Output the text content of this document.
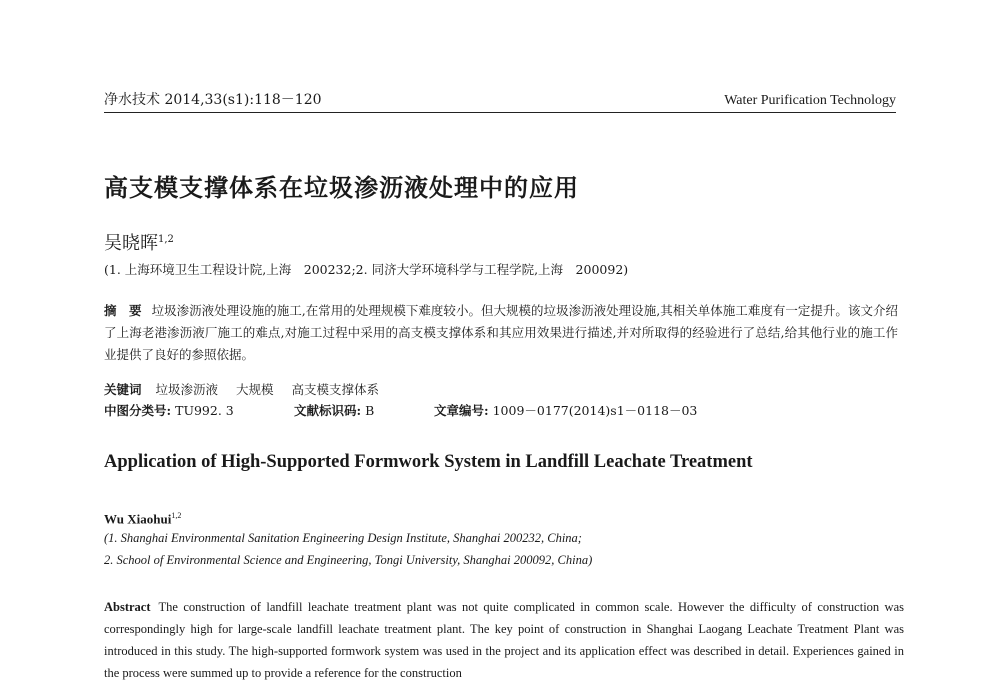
净水技术 2014,33(s1):118－120	Water Purification Technology
高支模支撑体系在垃圾渗沥液处理中的应用
吴晓晖$^{1,2}$
(1. 上海环境卫生工程设计院,上海　200232;2. 同济大学环境科学与工程学院,上海　200092)
摘　要 垃圾渗沥液处理设施的施工,在常用的处理规模下难度较小。但大规模的垃圾渗沥液处理设施,其相关单体施工难度有一定提升。该文介绍了上海老港渗沥液厂施工的难点,对施工过程中采用的高支模支撑体系和其应用效果进行描述,并对所取得的经验进行了总结,给其他行业的施工作业提供了良好的参照依据。
关键词 垃圾渗沥液 大规模 高支模支撑体系
中图分类号: TU992. 3	文献标识码: B	文章编号: 1009－0177(2014)s1－0118－03
Application of High-Supported Formwork System in Landfill Leachate Treatment
Wu Xiaohui$^{1,2}$
(1. Shanghai Environmental Sanitation Engineering Design Institute, Shanghai 200232, China;
2. School of Environmental Science and Engineering, Tongi University, Shanghai 200092, China)
Abstract The construction of landfill leachate treatment plant was not quite complicated in common scale. However the difficulty of construction was correspondingly high for large-scale landfill leachate treatment plant. The key point of construction in Shanghai Laogang Leachate Treatment Plant was introduced in this study. The high-supported formwork system was used in the project and its application effect was described in detail. Experiences gained in the process were summed up to provide a reference for the construction
